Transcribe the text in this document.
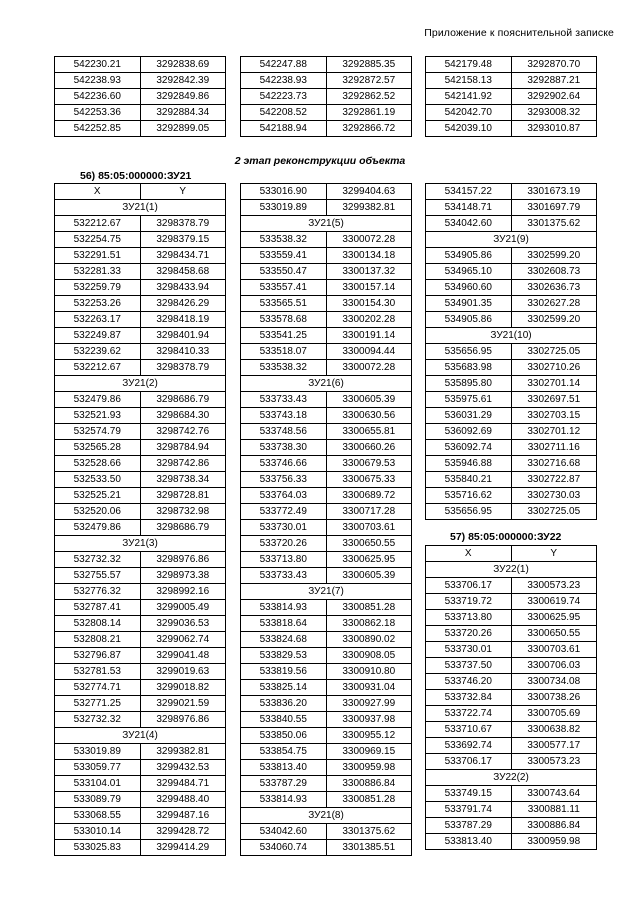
Приложение к пояснительной записке
542230.21	3292838.69
542238.93	3292842.39
542236.60	3292849.86
542253.36	3292884.34
542252.85	3292899.05
542247.88	3292885.35
542238.93	3292872.57
542223.73	3292862.52
542208.52	3292861.19
542188.94	3292866.72
542179.48	3292870.70
542158.13	3292887.21
542141.92	3292902.64
542042.70	3293008.32
542039.10	3293010.87
2 этап реконструкции объекта
56) 85:05:000000:ЗУ21
X	Y
ЗУ21(1)	
532212.67	3298378.79
532254.75	3298379.15
532291.51	3298434.71
532281.33	3298458.68
532259.79	3298433.94
532253.26	3298426.29
532263.17	3298418.19
532249.87	3298401.94
532239.62	3298410.33
532212.67	3298378.79
ЗУ21(2)	
532479.86	3298686.79
532521.93	3298684.30
532574.79	3298742.76
532565.28	3298784.94
532528.66	3298742.86
532533.50	3298738.34
532525.21	3298728.81
532520.06	3298732.98
532479.86	3298686.79
ЗУ21(3)	
532732.32	3298976.86
532755.57	3298973.38
532776.32	3298992.16
532787.41	3299005.49
532808.14	3299036.53
532808.21	3299062.74
532796.87	3299041.48
532781.53	3299019.63
532774.71	3299018.82
532771.25	3299021.59
532732.32	3298976.86
ЗУ21(4)	
533019.89	3299382.81
533059.77	3299432.53
533104.01	3299484.71
533089.79	3299488.40
533068.55	3299487.16
533010.14	3299428.72
533025.83	3299414.29
533016.90	3299404.63
533019.89	3299382.81
ЗУ21(5)	
533538.32	3300072.28
533559.41	3300134.18
533550.47	3300137.32
533557.41	3300157.14
533565.51	3300154.30
533578.68	3300202.28
533541.25	3300191.14
533518.07	3300094.44
533538.32	3300072.28
ЗУ21(6)	
533733.43	3300605.39
533743.18	3300630.56
533748.56	3300655.81
533738.30	3300660.26
533746.66	3300679.53
533756.33	3300675.33
533764.03	3300689.72
533772.49	3300717.28
533730.01	3300703.61
533720.26	3300650.55
533713.80	3300625.95
533733.43	3300605.39
ЗУ21(7)	
533814.93	3300851.28
533818.64	3300862.18
533824.68	3300890.02
533829.53	3300908.05
533819.56	3300910.80
533825.14	3300931.04
533836.20	3300927.99
533840.55	3300937.98
533850.06	3300955.12
533854.75	3300969.15
533813.40	3300959.98
533787.29	3300886.84
533814.93	3300851.28
ЗУ21(8)	
534042.60	3301375.62
534060.74	3301385.51
534157.22	3301673.19
534148.71	3301697.79
534042.60	3301375.62
ЗУ21(9)	
534905.86	3302599.20
534965.10	3302608.73
534960.60	3302636.73
534901.35	3302627.28
534905.86	3302599.20
ЗУ21(10)	
535656.95	3302725.05
535683.98	3302710.26
535895.80	3302701.14
535975.61	3302697.51
536031.29	3302703.15
536092.69	3302701.12
536092.74	3302711.16
535946.88	3302716.68
535840.21	3302722.87
535716.62	3302730.03
535656.95	3302725.05
57) 85:05:000000:ЗУ22
X	Y
ЗУ22(1)	
533706.17	3300573.23
533719.72	3300619.74
533713.80	3300625.95
533720.26	3300650.55
533730.01	3300703.61
533737.50	3300706.03
533746.20	3300734.08
533732.84	3300738.26
533722.74	3300705.69
533710.67	3300638.82
533692.74	3300577.17
533706.17	3300573.23
ЗУ22(2)	
533749.15	3300743.64
533791.74	3300881.11
533787.29	3300886.84
533813.40	3300959.98
